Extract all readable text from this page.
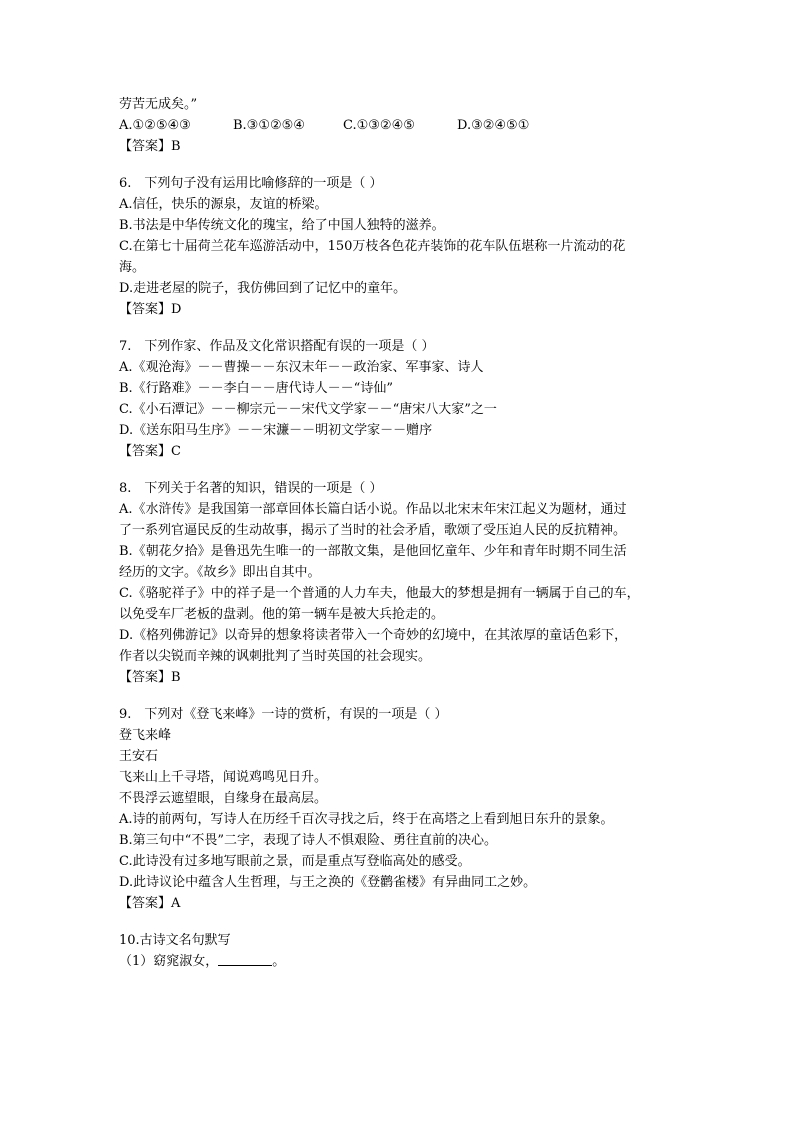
劳苦无成矣。”
A.①②⑤④③	B.③①②⑤④	C.①③②④⑤	D.③②④⑤①
【答案】B
6.　下列句子没有运用比喻修辞的一项是（ ）
A.信任，快乐的源泉，友谊的桥梁。
B.书法是中华传统文化的瑰宝，给了中国人独特的滋养。
C.在第七十届荷兰花车巡游活动中，150万枝各色花卉装饰的花车队伍堪称一片流动的花
海。
D.走进老屋的院子，我仿佛回到了记忆中的童年。
【答案】D
7.　下列作家、作品及文化常识搭配有误的一项是（ ）
A.《观沧海》－－曹操－－东汉末年－－政治家、军事家、诗人
B.《行路难》－－李白－－唐代诗人－－“诗仙”
C.《小石潭记》－－柳宗元－－宋代文学家－－“唐宋八大家”之一
D.《送东阳马生序》－－宋濂－－明初文学家－－赠序
【答案】C
8.　下列关于名著的知识，错误的一项是（ ）
A.《水浒传》是我国第一部章回体长篇白话小说。作品以北宋末年宋江起义为题材，通过
了一系列官逼民反的生动故事，揭示了当时的社会矛盾，歌颂了受压迫人民的反抗精神。
B.《朝花夕拾》是鲁迅先生唯一的一部散文集，是他回忆童年、少年和青年时期不同生活
经历的文字。《故乡》即出自其中。
C.《骆驼祥子》中的祥子是一个普通的人力车夫，他最大的梦想是拥有一辆属于自己的车，
以免受车厂老板的盘剥。他的第一辆车是被大兵抢走的。
D.《格列佛游记》以奇异的想象将读者带入一个奇妙的幻境中，在其浓厚的童话色彩下，
作者以尖锐而辛辣的讽刺批判了当时英国的社会现实。
【答案】B
9.　下列对《登飞来峰》一诗的赏析，有误的一项是（ ）
登飞来峰
王安石
飞来山上千寻塔，闻说鸡鸣见日升。
不畏浮云遮望眼，自缘身在最高层。
A.诗的前两句，写诗人在历经千百次寻找之后，终于在高塔之上看到旭日东升的景象。
B.第三句中“不畏”二字，表现了诗人不惧艰险、勇往直前的决心。
C.此诗没有过多地写眼前之景，而是重点写登临高处的感受。
D.此诗议论中蕴含人生哲理，与王之涣的《登鹳雀楼》有异曲同工之妙。
【答案】A
10.古诗文名句默写
（1）窈窕淑女，	。
